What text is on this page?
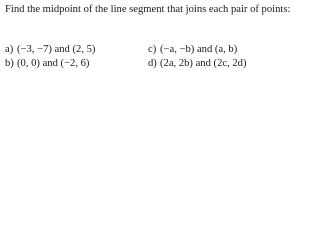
Find the midpoint of the line segment that joins each pair of points:
a) (−3, −7) and (2, 5)	c) (−a, −b) and (a, b)
b) (0, 0) and (−2, 6)	d) (2a, 2b) and (2c, 2d)
